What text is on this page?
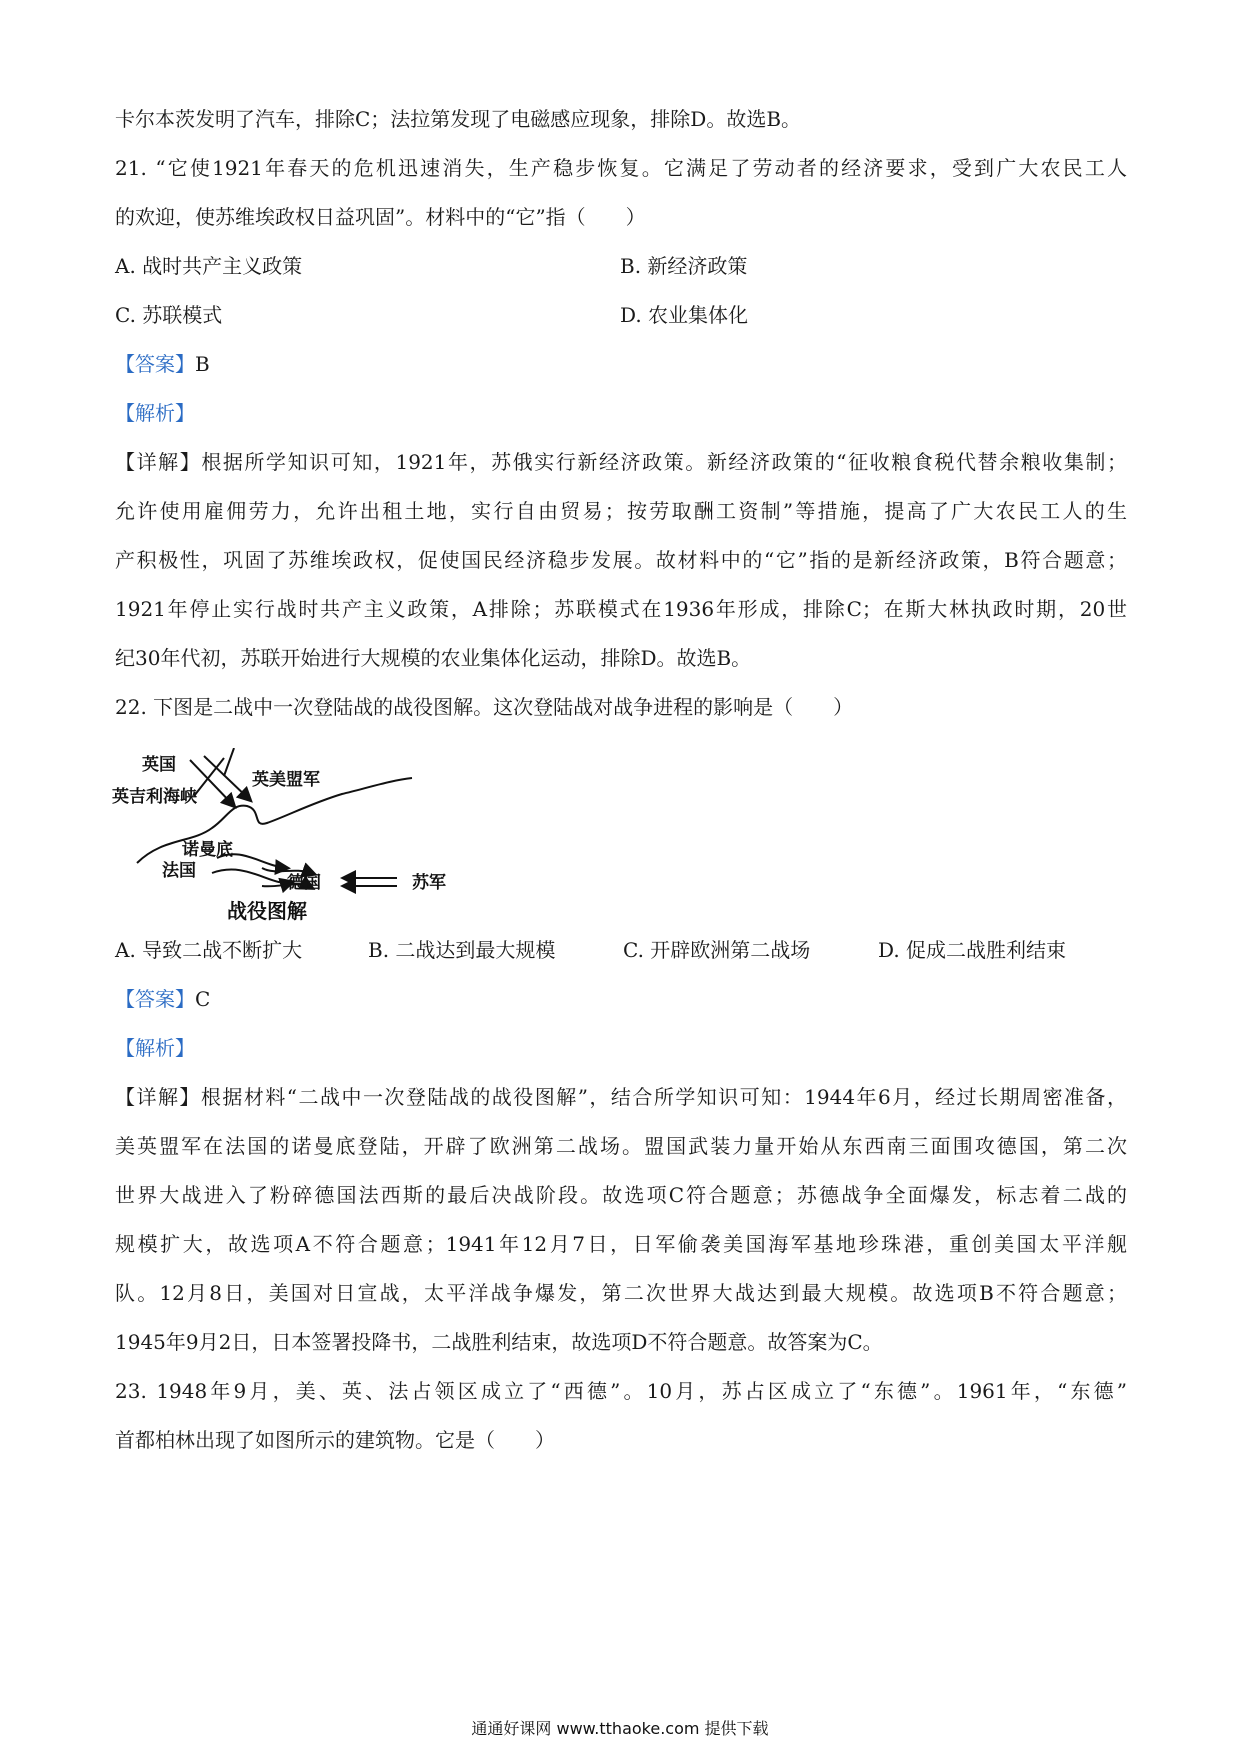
卡尔本茨发明了汽车，排除C；法拉第发现了电磁感应现象，排除D。故选B。
21. “它使1921年春天的危机迅速消失，生产稳步恢复。它满足了劳动者的经济要求，受到广大农民工人
的欢迎，使苏维埃政权日益巩固”。材料中的“它”指（　　）
A. 战时共产主义政策	B. 新经济政策
C. 苏联模式	D. 农业集体化
【答案】B
【解析】
【详解】根据所学知识可知，1921年，苏俄实行新经济政策。新经济政策的“征收粮食税代替余粮收集制；
允许使用雇佣劳力，允许出租土地，实行自由贸易；按劳取酬工资制”等措施，提高了广大农民工人的生
产积极性，巩固了苏维埃政权，促使国民经济稳步发展。故材料中的“它”指的是新经济政策，B符合题意；
1921年停止实行战时共产主义政策，A排除；苏联模式在1936年形成，排除C；在斯大林执政时期，20世
纪30年代初，苏联开始进行大规模的农业集体化运动，排除D。故选B。
22. 下图是二战中一次登陆战的战役图解。这次登陆战对战争进程的影响是（　　）
英国
英美盟军
英吉利海峡
诺曼底
法国
德国	苏军
战役图解
A. 导致二战不断扩大	B. 二战达到最大规模	C. 开辟欧洲第二战场	D. 促成二战胜利结束
【答案】C
【解析】
【详解】根据材料“二战中一次登陆战的战役图解”，结合所学知识可知：1944年6月，经过长期周密准备，
美英盟军在法国的诺曼底登陆，开辟了欧洲第二战场。盟国武装力量开始从东西南三面围攻德国，第二次
世界大战进入了粉碎德国法西斯的最后决战阶段。故选项C符合题意；苏德战争全面爆发，标志着二战的
规模扩大，故选项A不符合题意；1941年12月7日，日军偷袭美国海军基地珍珠港，重创美国太平洋舰
队。12月8日，美国对日宣战，太平洋战争爆发，第二次世界大战达到最大规模。故选项B不符合题意；
1945年9月2日，日本签署投降书，二战胜利结束，故选项D不符合题意。故答案为C。
23. 1948年9月，美、英、法占领区成立了“西德”。10月，苏占区成立了“东德”。1961年，“东德”
首都柏林出现了如图所示的建筑物。它是（　　）
通通好课网 www.tthaoke.com 提供下载
